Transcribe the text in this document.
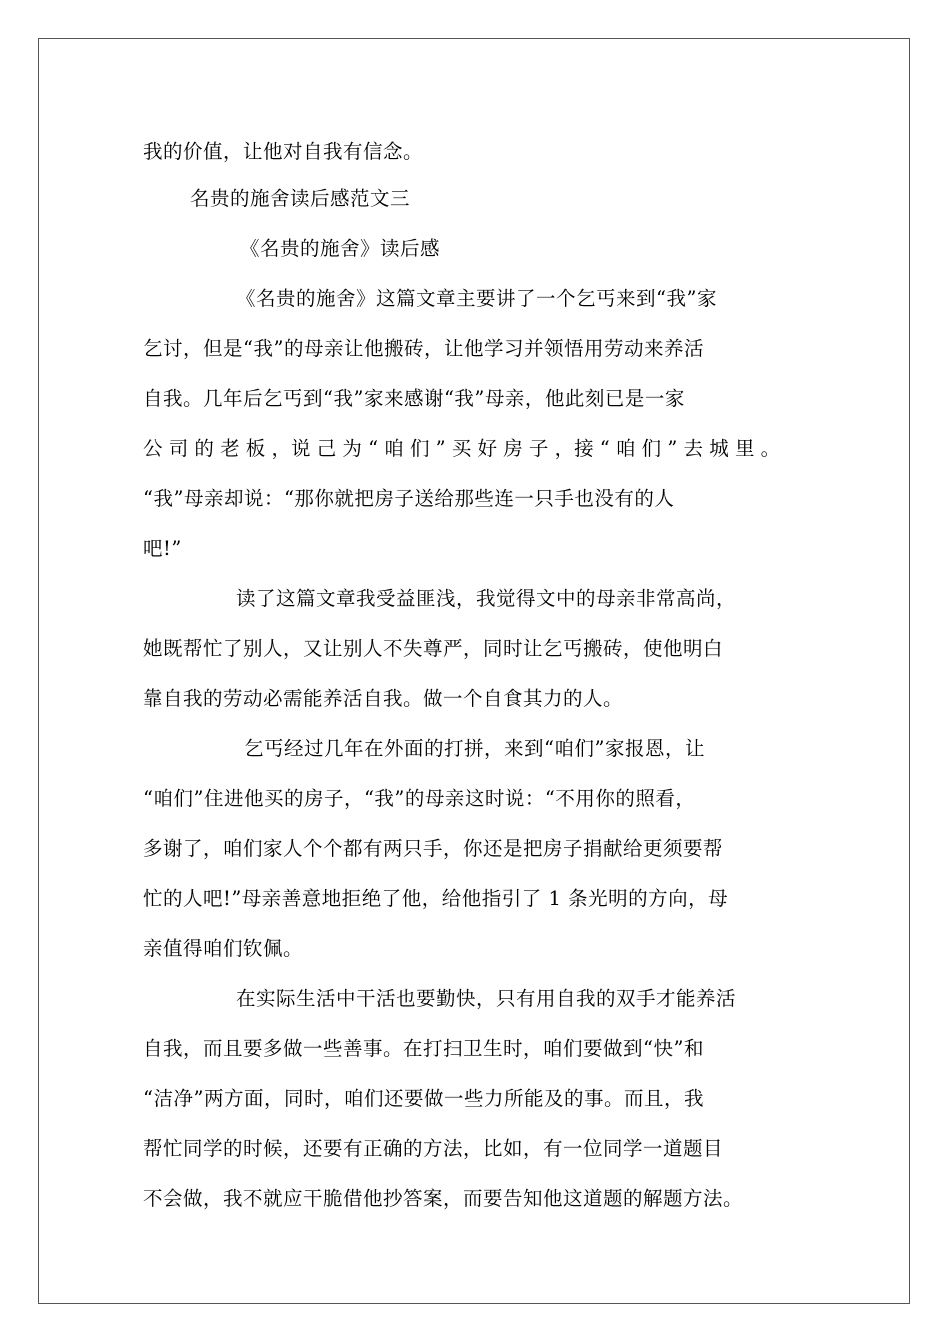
我的价值，让他对自我有信念。
名贵的施舍读后感范文三
《名贵的施舍》读后感
《名贵的施舍》这篇文章主要讲了一个乞丐来到“我”家
乞讨，但是“我”的母亲让他搬砖，让他学习并领悟用劳动来养活
自我。几年后乞丐到“我”家来感谢“我”母亲，他此刻已是一家
公 司 的 老 板 ，说 己 为 “ 咱 们 ” 买 好 房 子 ，接 “ 咱 们 ” 去 城 里 。
“我”母亲却说：“那你就把房子送给那些连一只手也没有的人
吧!”
读了这篇文章我受益匪浅，我觉得文中的母亲非常高尚，
她既帮忙了别人，又让别人不失尊严，同时让乞丐搬砖，使他明白
靠自我的劳动必需能养活自我。做一个自食其力的人。
乞丐经过几年在外面的打拼，来到“咱们”家报恩，让
“咱们”住进他买的房子，“我”的母亲这时说：“不用你的照看，
多谢了，咱们家人个个都有两只手，你还是把房子捐献给更须要帮
忙的人吧!”母亲善意地拒绝了他，给他指引了 1 条光明的方向，母
亲值得咱们钦佩。
在实际生活中干活也要勤快，只有用自我的双手才能养活
自我，而且要多做一些善事。在打扫卫生时，咱们要做到“快”和
“洁净”两方面，同时，咱们还要做一些力所能及的事。而且，我
帮忙同学的时候，还要有正确的方法，比如，有一位同学一道题目
不会做，我不就应干脆借他抄答案，而要告知他这道题的解题方法。
